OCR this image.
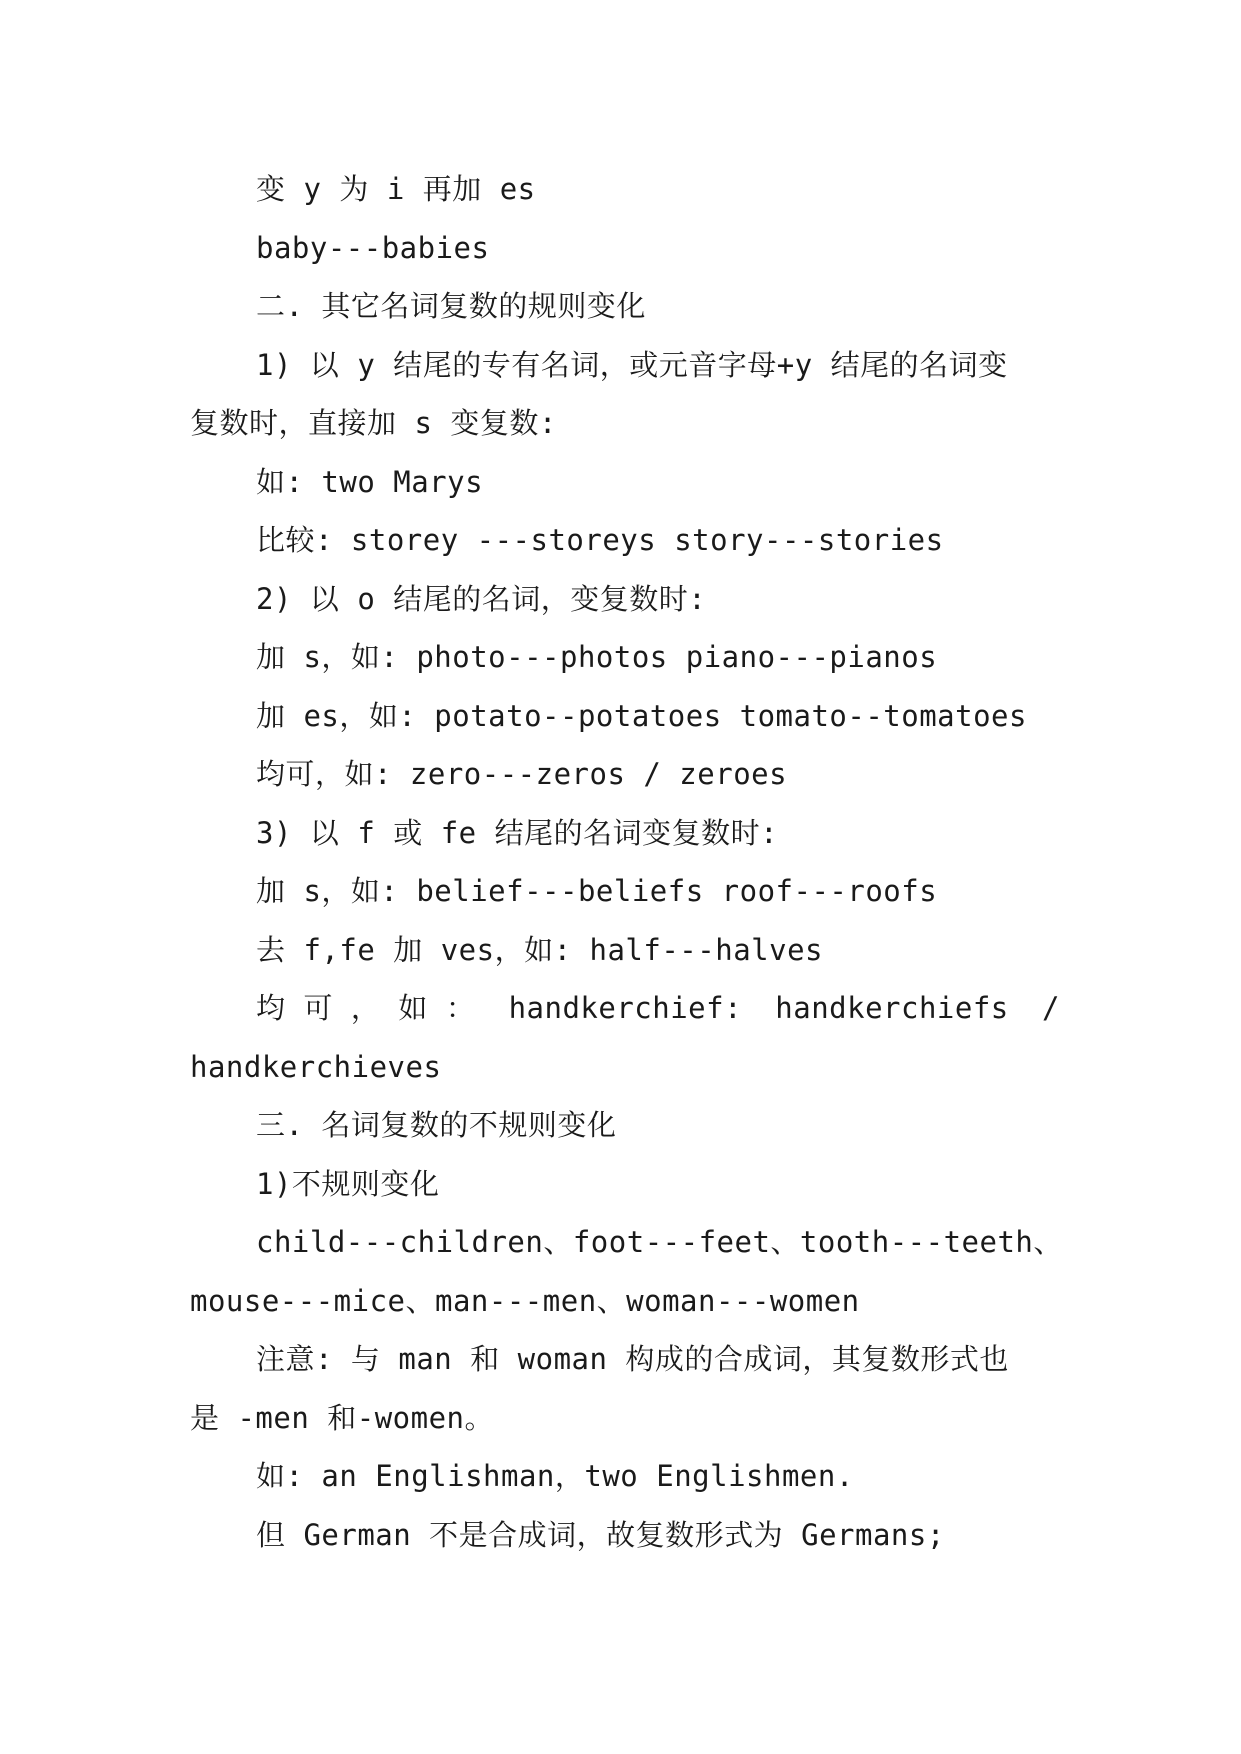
变 y 为 i 再加 es

baby---babies

二. 其它名词复数的规则变化

1) 以 y 结尾的专有名词，或元音字母+y 结尾的名词变

复数时，直接加 s 变复数:

如: two Marys

比较: storey ---storeys story---stories

2) 以 o 结尾的名词，变复数时:

加 s，如: photo---photos piano---pianos

加 es，如: potato--potatoes tomato--tomatoes

均可，如: zero---zeros / zeroes

3) 以 f 或 fe 结尾的名词变复数时:

加 s，如: belief---beliefs roof---roofs

去 f,fe 加 ves，如: half---halves

均 可 ， 如 ： handkerchief: handkerchiefs /

handkerchieves

三. 名词复数的不规则变化

1)不规则变化

child---children、foot---feet、tooth---teeth、

mouse---mice、man---men、woman---women

注意: 与 man 和 woman 构成的合成词，其复数形式也

是 -men 和-women。

如: an Englishman，two Englishmen.

但 German 不是合成词，故复数形式为 Germans;
